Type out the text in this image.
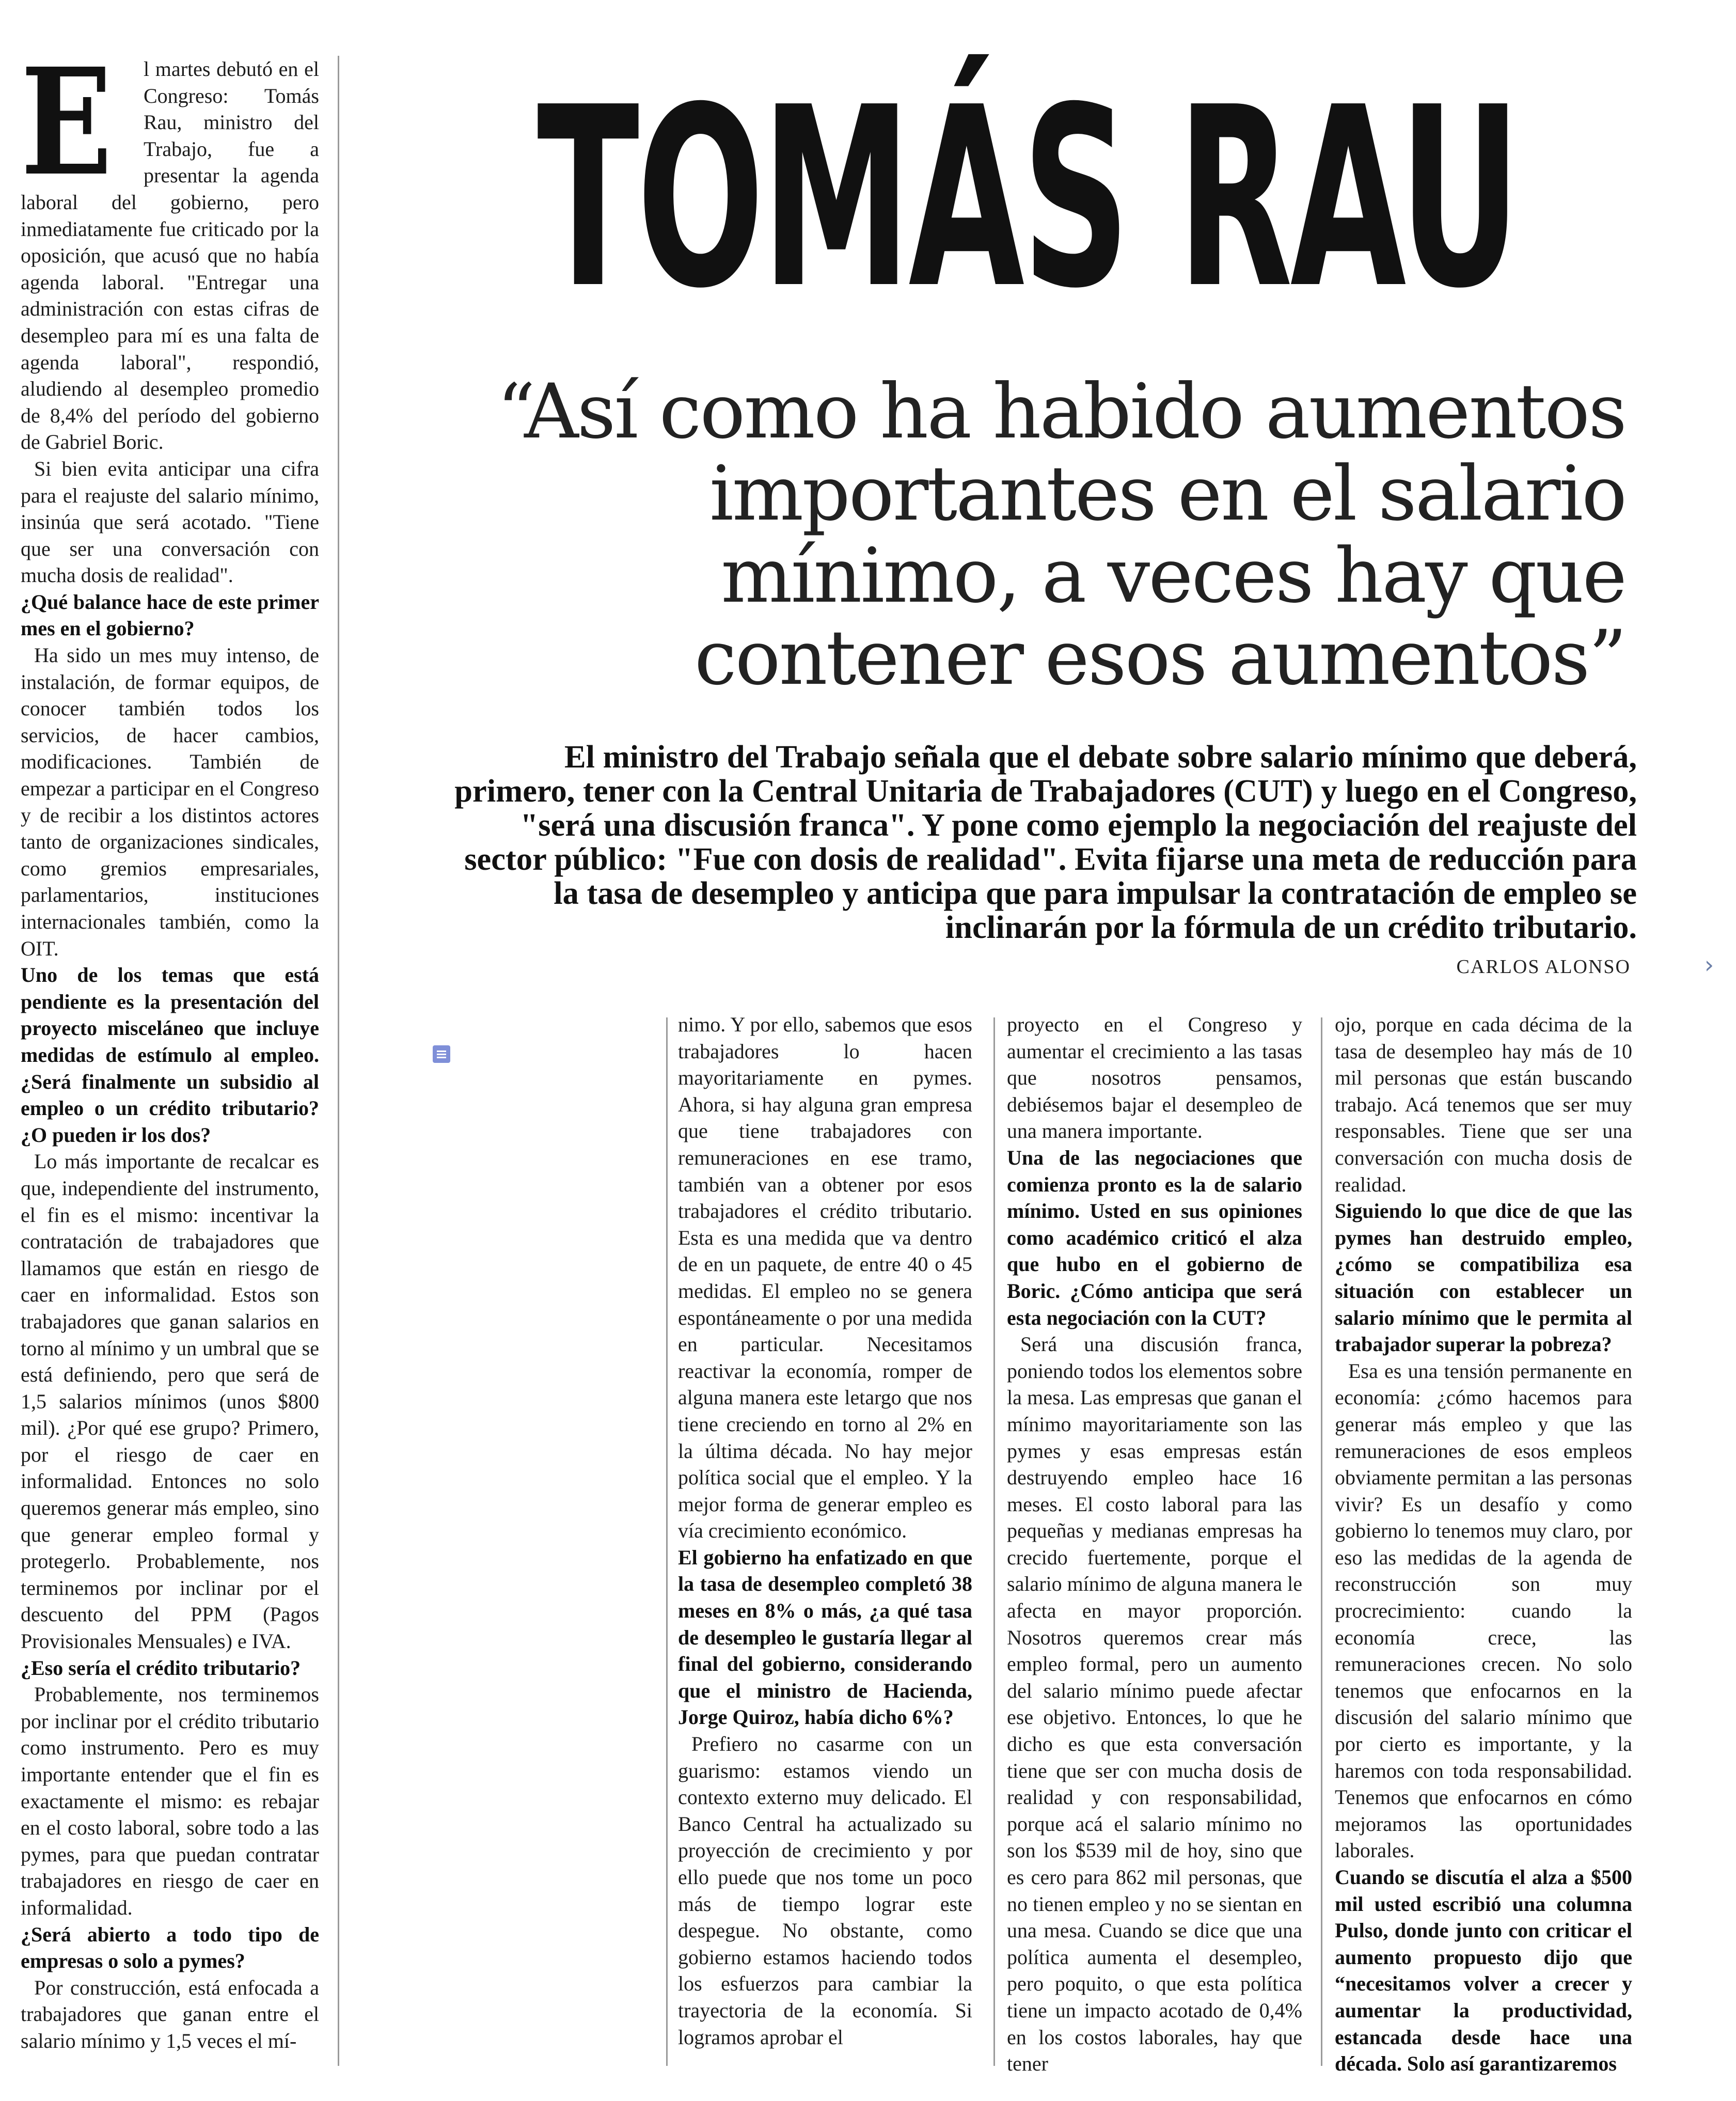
E	l martes debutó en el Congreso: Tomás Rau, ministro del Trabajo, fue a presentar la agenda laboral del gobierno, pero inmediatamente fue criticado por la oposición, que acusó que no había agenda laboral. "Entregar una administración con estas cifras de desempleo para mí es una falta de agenda laboral", respondió, aludiendo al desempleo promedio de 8,4% del período del gobierno de Gabriel Boric.

Si bien evita anticipar una cifra para el reajuste del salario mínimo, insinúa que será acotado. "Tiene que ser una conversación con mucha dosis de realidad".

¿Qué balance hace de este primer mes en el gobierno?

Ha sido un mes muy intenso, de instalación, de formar equipos, de conocer también todos los servicios, de hacer cambios, modificaciones. También de empezar a participar en el Congreso y de recibir a los distintos actores tanto de organizaciones sindicales, como gremios empresariales, parlamentarios, instituciones internacionales también, como la OIT.

Uno de los temas que está pendiente es la presentación del proyecto misceláneo que incluye medidas de estímulo al empleo. ¿Será finalmente un subsidio al empleo o un crédito tributario? ¿O pueden ir los dos?

Lo más importante de recalcar es que, independiente del instrumento, el fin es el mismo: incentivar la contratación de trabajadores que llamamos que están en riesgo de caer en informalidad. Estos son trabajadores que ganan salarios en torno al mínimo y un umbral que se está definiendo, pero que será de 1,5 salarios mínimos (unos $800 mil). ¿Por qué ese grupo? Primero, por el riesgo de caer en informalidad. Entonces no solo queremos generar más empleo, sino que generar empleo formal y protegerlo. Probablemente, nos terminemos por inclinar por el descuento del PPM (Pagos Provisionales Mensuales) e IVA.

¿Eso sería el crédito tributario?

Probablemente, nos terminemos por inclinar por el crédito tributario como instrumento. Pero es muy importante entender que el fin es exactamente el mismo: es rebajar en el costo laboral, sobre todo a las pymes, para que puedan contratar trabajadores en riesgo de caer en informalidad.

¿Será abierto a todo tipo de empresas o solo a pymes?

Por construcción, está enfocada a trabajadores que ganan entre el salario mínimo y 1,5 veces el mí-

TOMÁS RAU
“Así como ha habido aumentos importantes en el salario mínimo, a veces hay que contener esos aumentos”
El ministro del Trabajo señala que el debate sobre salario mínimo que deberá, primero, tener con la Central Unitaria de Trabajadores (CUT) y luego en el Congreso, "será una discusión franca". Y pone como ejemplo la negociación del reajuste del sector público: "Fue con dosis de realidad". Evita fijarse una meta de reducción para la tasa de desempleo y anticipa que para impulsar la contratación de empleo se inclinarán por la fórmula de un crédito tributario.
CARLOS ALONSO	›

nimo. Y por ello, sabemos que esos trabajadores lo hacen mayoritariamente en pymes. Ahora, si hay alguna gran empresa que tiene trabajadores con remuneraciones en ese tramo, también van a obtener por esos trabajadores el crédito tributario. Esta es una medida que va dentro de en un paquete, de entre 40 o 45 medidas. El empleo no se genera espontáneamente o por una medida en particular. Necesitamos reactivar la economía, romper de alguna manera este letargo que nos tiene creciendo en torno al 2% en la última década. No hay mejor política social que el empleo. Y la mejor forma de generar empleo es vía crecimiento económico.

El gobierno ha enfatizado en que la tasa de desempleo completó 38 meses en 8% o más, ¿a qué tasa de desempleo le gustaría llegar al final del gobierno, considerando que el ministro de Hacienda, Jorge Quiroz, había dicho 6%?

Prefiero no casarme con un guarismo: estamos viendo un contexto externo muy delicado. El Banco Central ha actualizado su proyección de crecimiento y por ello puede que nos tome un poco más de tiempo lograr este despegue. No obstante, como gobierno estamos haciendo todos los esfuerzos para cambiar la trayectoria de la economía. Si logramos aprobar el

proyecto en el Congreso y aumentar el crecimiento a las tasas que nosotros pensamos, debiésemos bajar el desempleo de una manera importante.

Una de las negociaciones que comienza pronto es la de salario mínimo. Usted en sus opiniones como académico criticó el alza que hubo en el gobierno de Boric. ¿Cómo anticipa que será esta negociación con la CUT?

Será una discusión franca, poniendo todos los elementos sobre la mesa. Las empresas que ganan el mínimo mayoritariamente son las pymes y esas empresas están destruyendo empleo hace 16 meses. El costo laboral para las pequeñas y medianas empresas ha crecido fuertemente, porque el salario mínimo de alguna manera le afecta en mayor proporción. Nosotros queremos crear más empleo formal, pero un aumento del salario mínimo puede afectar ese objetivo. Entonces, lo que he dicho es que esta conversación tiene que ser con mucha dosis de realidad y con responsabilidad, porque acá el salario mínimo no son los $539 mil de hoy, sino que es cero para 862 mil personas, que no tienen empleo y no se sientan en una mesa. Cuando se dice que una política aumenta el desempleo, pero poquito, o que esta política tiene un impacto acotado de 0,4% en los costos laborales, hay que tener

ojo, porque en cada décima de la tasa de desempleo hay más de 10 mil personas que están buscando trabajo. Acá tenemos que ser muy responsables. Tiene que ser una conversación con mucha dosis de realidad.

Siguiendo lo que dice de que las pymes han destruido empleo, ¿cómo se compatibiliza esa situación con establecer un salario mínimo que le permita al trabajador superar la pobreza?

Esa es una tensión permanente en economía: ¿cómo hacemos para generar más empleo y que las remuneraciones de esos empleos obviamente permitan a las personas vivir? Es un desafío y como gobierno lo tenemos muy claro, por eso las medidas de la agenda de reconstrucción son muy procrecimiento: cuando la economía crece, las remuneraciones crecen. No solo tenemos que enfocarnos en la discusión del salario mínimo que por cierto es importante, y la haremos con toda responsabilidad. Tenemos que enfocarnos en cómo mejoramos las oportunidades laborales.

Cuando se discutía el alza a $500 mil usted escribió una columna Pulso, donde junto con criticar el aumento propuesto dijo que “necesitamos volver a crecer y aumentar la productividad, estancada desde hace una década. Solo así garantizaremos
